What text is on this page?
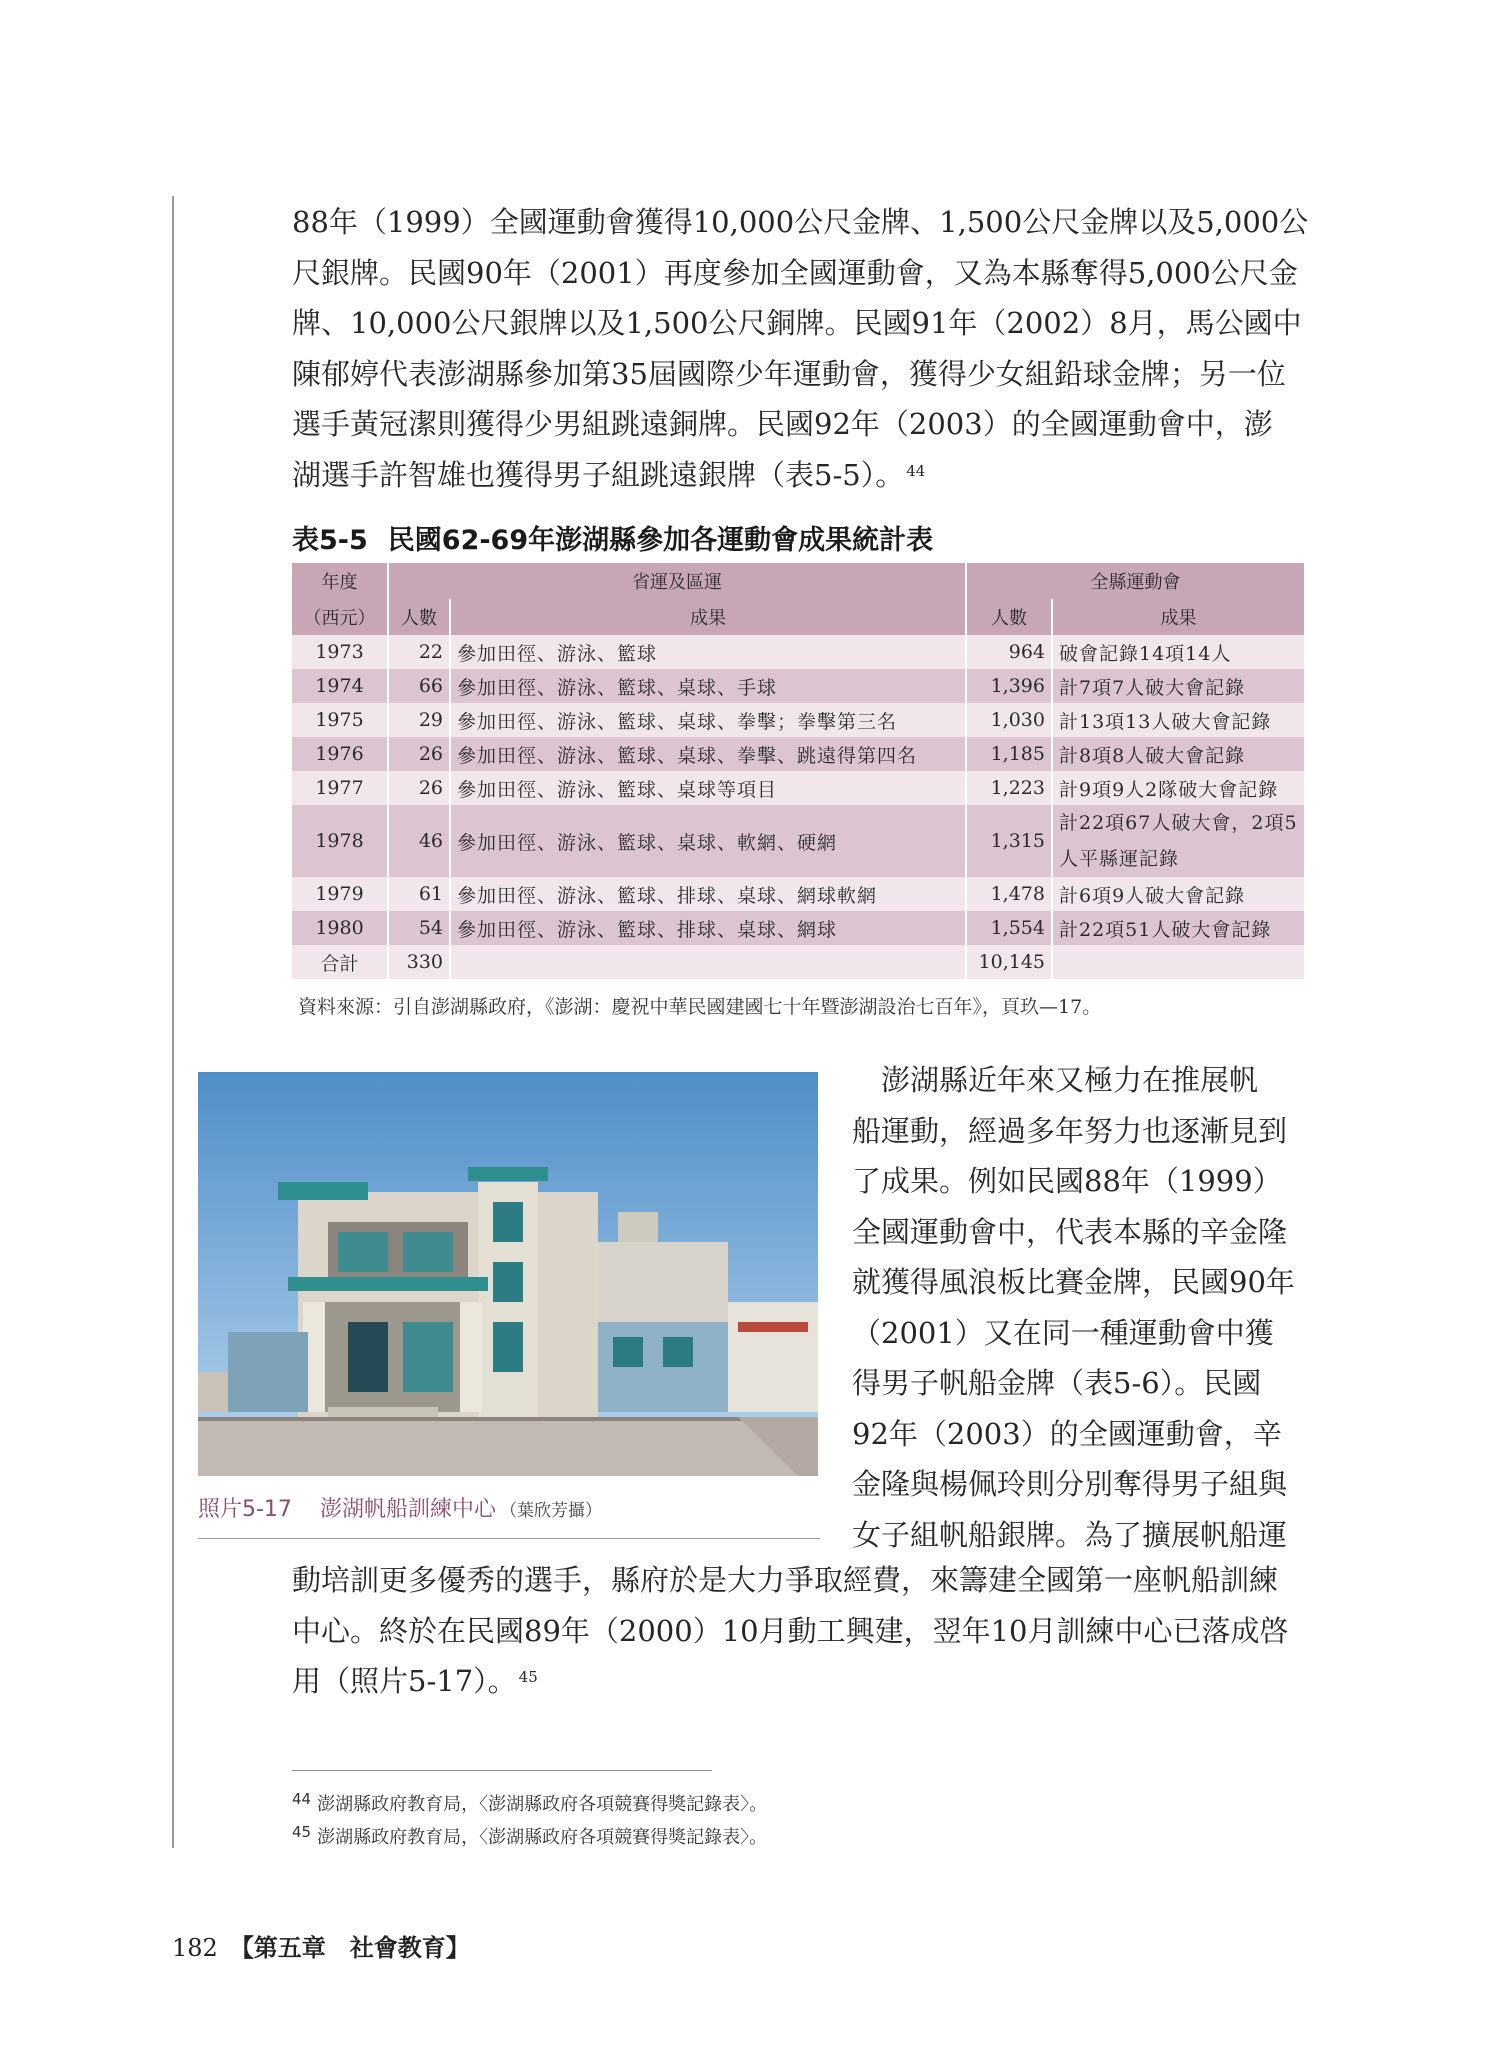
88年（1999）全國運動會獲得10,000公尺金牌、1,500公尺金牌以及5,000公
尺銀牌。民國90年（2001）再度參加全國運動會，又為本縣奪得5,000公尺金
牌、10,000公尺銀牌以及1,500公尺銅牌。民國91年（2002）8月，馬公國中
陳郁婷代表澎湖縣參加第35屆國際少年運動會，獲得少女組鉛球金牌；另一位
選手黃冠潔則獲得少男組跳遠銅牌。民國92年（2003）的全國運動會中，澎
湖選手許智雄也獲得男子組跳遠銀牌（表5-5）。 $^{44}$

表5-5 民國62-69年澎湖縣參加各運動會成果統計表

年度	省運及區運		全縣運動會	
（西元）	人數	成果	人數	成果
1973	22	參加田徑、游泳、籃球	964	破會記錄14項14人
1974	66	參加田徑、游泳、籃球、桌球、手球	1,396	計7項7人破大會記錄
1975	29	參加田徑、游泳、籃球、桌球、拳擊；拳擊第三名	1,030	計13項13人破大會記錄
1976	26	參加田徑、游泳、籃球、桌球、拳擊、跳遠得第四名	1,185	計8項8人破大會記錄
1977	26	參加田徑、游泳、籃球、桌球等項目	1,223	計9項9人2隊破大會記錄
1978	46	參加田徑、游泳、籃球、桌球、軟網、硬網	1,315	計22項67人破大會，2項5人平縣運記錄
1979	61	參加田徑、游泳、籃球、排球、桌球、網球軟網	1,478	計6項9人破大會記錄
1980	54	參加田徑、游泳、籃球、排球、桌球、網球	1,554	計22項51人破大會記錄
合計	330		10,145	

資料來源：引自澎湖縣政府，《澎湖：慶祝中華民國建國七十年暨澎湖設治七百年》，頁玖—17。

照片5-17 澎湖帆船訓練中心 （葉欣芳攝）

　澎湖縣近年來又極力在推展帆
船運動，經過多年努力也逐漸見到
了成果。例如民國88年（1999）
全國運動會中，代表本縣的辛金隆
就獲得風浪板比賽金牌，民國90年
（2001）又在同一種運動會中獲
得男子帆船金牌（表5-6）。民國
92年（2003）的全國運動會，辛
金隆與楊佩玲則分別奪得男子組與
女子組帆船銀牌。為了擴展帆船運
動培訓更多優秀的選手，縣府於是大力爭取經費，來籌建全國第一座帆船訓練
中心。終於在民國89年（2000）10月動工興建，翌年10月訓練中心已落成啓
用（照片5-17）。 $^{45}$

$^{44}$ 澎湖縣政府教育局，〈澎湖縣政府各項競賽得獎記錄表〉。

$^{45}$ 澎湖縣政府教育局，〈澎湖縣政府各項競賽得獎記錄表〉。

182 【第五章　社會教育】
